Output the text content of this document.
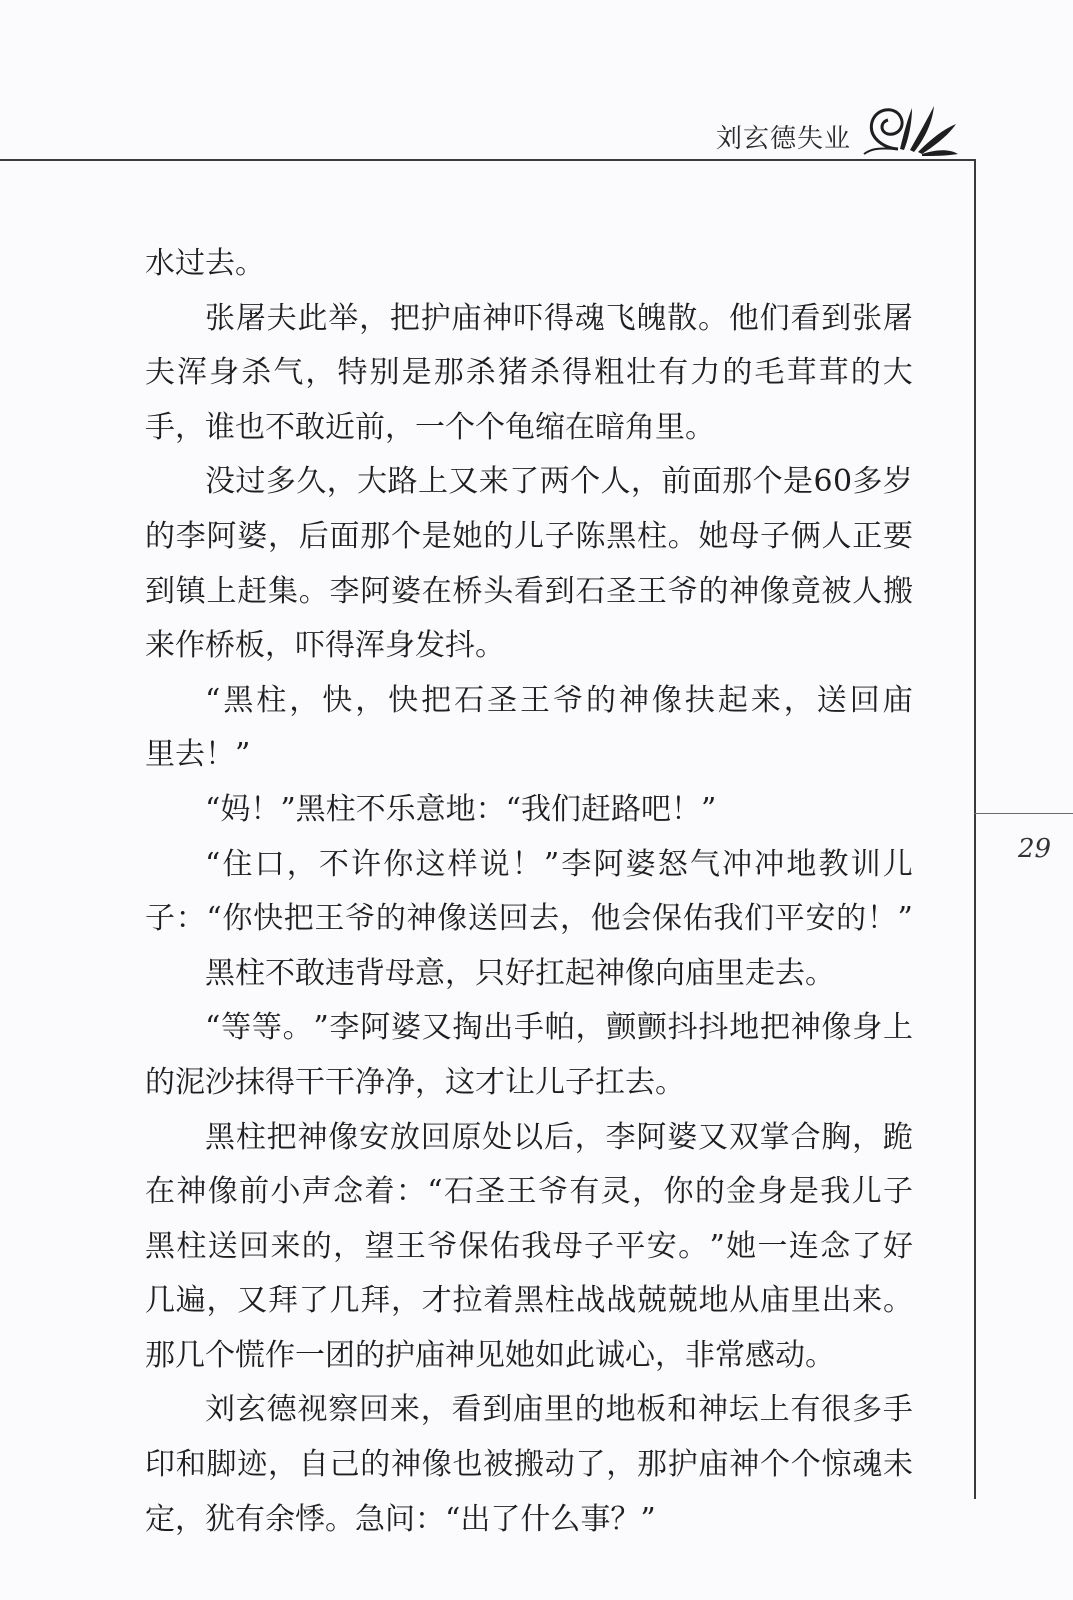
刘玄德失业
29
水过去。
张 屠 夫 此 举 ， 把 护 庙 神 吓 得 魂 飞 魄 散 。 他 们 看 到 张 屠
夫 浑 身 杀 气 ， 特 别 是 那 杀 猪 杀 得 粗 壮 有 力 的 毛 茸 茸 的 大
手，谁也不敢近前，一个个龟缩在暗角里。
没 过 多 久 ， 大 路 上 又 来 了 两 个 人 ， 前 面 那 个 是 6 0 多 岁
的 李 阿 婆 ， 后 面 那 个 是 她 的 儿 子 陈 黑 柱 。 她 母 子 俩 人 正 要
到 镇 上 赶 集 。 李 阿 婆 在 桥 头 看 到 石 圣 王 爷 的 神 像 竟 被 人 搬
来作桥板，吓得浑身发抖。
“ 黑 柱 ， 快 ， 快 把 石 圣 王 爷 的 神 像 扶 起 来 ， 送 回 庙
里去！”
“妈！”黑柱不乐意地：“我们赶路吧！”
“ 住 口 ， 不 许 你 这 样 说 ！ ” 李 阿 婆 怒 气 冲 冲 地 教 训 儿
子 ： “ 你 快 把 王 爷 的 神 像 送 回 去 ， 他 会 保 佑 我 们 平 安 的 ！ ”
黑柱不敢违背母意，只好扛起神像向庙里走去。
“ 等 等 。 ” 李 阿 婆 又 掏 出 手 帕 ， 颤 颤 抖 抖 地 把 神 像 身 上
的泥沙抹得干干净净，这才让儿子扛去。
黑 柱 把 神 像 安 放 回 原 处 以 后 ， 李 阿 婆 又 双 掌 合 胸 ， 跪
在 神 像 前 小 声 念 着 ： “ 石 圣 王 爷 有 灵 ， 你 的 金 身 是 我 儿 子
黑 柱 送 回 来 的 ， 望 王 爷 保 佑 我 母 子 平 安 。 ” 她 一 连 念 了 好
几 遍 ， 又 拜 了 几 拜 ， 才 拉 着 黑 柱 战 战 兢 兢 地 从 庙 里 出 来 。
那几个慌作一团的护庙神见她如此诚心，非常感动。
刘 玄 德 视 察 回 来 ， 看 到 庙 里 的 地 板 和 神 坛 上 有 很 多 手
印 和 脚 迹 ， 自 己 的 神 像 也 被 搬 动 了 ， 那 护 庙 神 个 个 惊 魂 未
定，犹有余悸。急问：“出了什么事？”
